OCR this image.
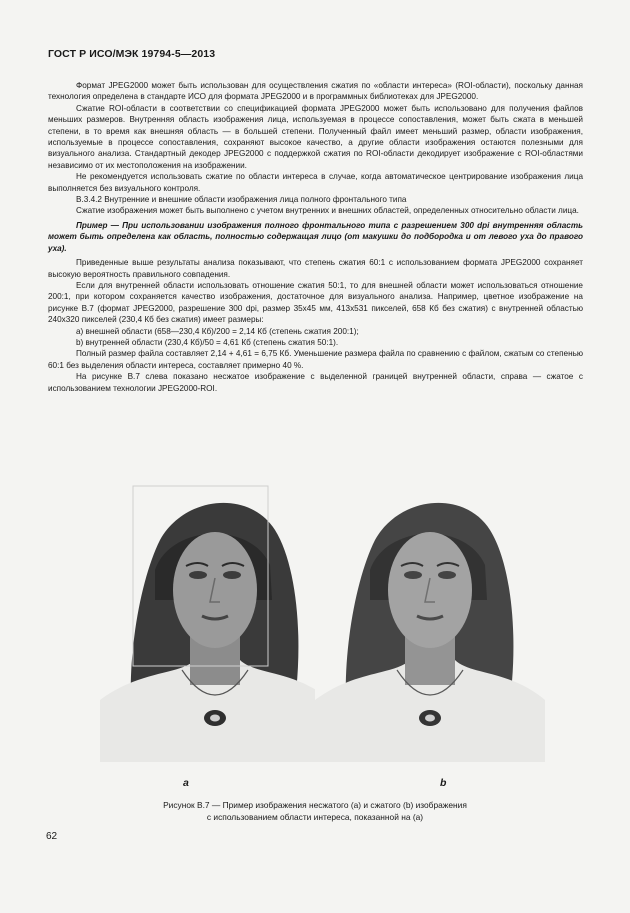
ГОСТ Р ИСО/МЭК 19794-5—2013

Формат JPEG2000 может быть использован для осуществления сжатия по «области интереса» (ROI-области), поскольку данная технология определена в стандарте ИСО для формата JPEG2000 и в программных библиотеках для JPEG2000.

Сжатие ROI-области в соответствии со спецификацией формата JPEG2000 может быть использовано для получения файлов меньших размеров. Внутренняя область изображения лица, используемая в процессе сопоставления, может быть сжата в меньшей степени, в то время как внешняя область — в большей степени. Полученный файл имеет меньший размер, области изображения, используемые в процессе сопоставления, сохраняют высокое качество, а другие области изображения остаются полезными для визуального анализа. Стандартный декодер JPEG2000 с поддержкой сжатия по ROI-области декодирует изображение с ROI-областями независимо от их местоположения на изображении.

Не рекомендуется использовать сжатие по области интереса в случае, когда автоматическое центрирование изображения лица выполняется без визуального контроля.

В.3.4.2 Внутренние и внешние области изображения лица полного фронтального типа

Сжатие изображения может быть выполнено с учетом внутренних и внешних областей, определенных относительно области лица.

Пример — При использовании изображения полного фронтального типа с разрешением 300 dpi внутренняя область может быть определена как область, полностью содержащая лицо (от макушки до подбородка и от левого уха до правого уха).

Приведенные выше результаты анализа показывают, что степень сжатия 60:1 с использованием формата JPEG2000 сохраняет высокую вероятность правильного совпадения.

Если для внутренней области использовать отношение сжатия 50:1, то для внешней области может использоваться отношение 200:1, при котором сохраняется качество изображения, достаточное для визуального анализа. Например, цветное изображение на рисунке В.7 (формат JPEG2000, разрешение 300 dpi, размер 35x45 мм, 413x531 пикселей, 658 Кб без сжатия) с внутренней областью 240x320 пикселей (230,4 Кб без сжатия) имеет размеры:

а) внешней области (658—230,4 Кб)/200 = 2,14 Кб (степень сжатия 200:1);

b) внутренней области (230,4 Кб)/50 = 4,61 Кб (степень сжатия 50:1).

Полный размер файла составляет 2,14 + 4,61 = 6,75 Кб. Уменьшение размера файла по сравнению с файлом, сжатым со степенью 60:1 без выделения области интереса, составляет примерно 40 %.

На рисунке В.7 слева показано несжатое изображение с выделенной границей внутренней области, справа — сжатое с использованием технологии JPEG2000-ROI.

a	b
Рисунок В.7 — Пример изображения несжатого (a) и сжатого (b) изображения
с использованием области интереса, показанной на (a)
62
